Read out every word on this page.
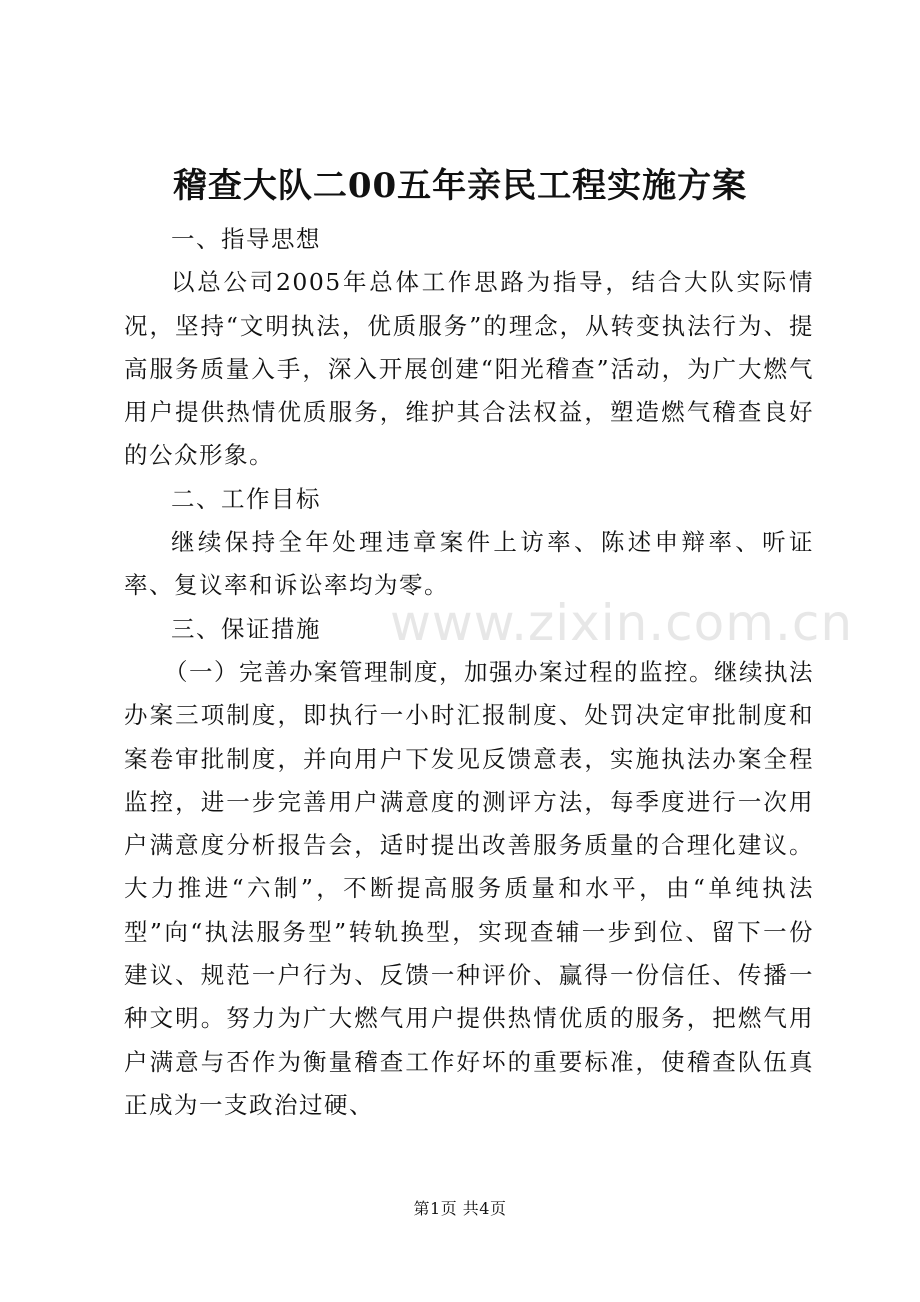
稽查大队二00五年亲民工程实施方案

一、指导思想

以总公司2005年总体工作思路为指导，结合大队实际情况，坚持“文明执法，优质服务”的理念，从转变执法行为、提高服务质量入手，深入开展创建“阳光稽查”活动，为广大燃气用户提供热情优质服务，维护其合法权益，塑造燃气稽查良好的公众形象。

二、工作目标

继续保持全年处理违章案件上访率、陈述申辩率、听证率、复议率和诉讼率均为零。

三、保证措施

（一）完善办案管理制度，加强办案过程的监控。继续执法办案三项制度，即执行一小时汇报制度、处罚决定审批制度和案卷审批制度，并向用户下发见反馈意表，实施执法办案全程监控，进一步完善用户满意度的测评方法，每季度进行一次用户满意度分析报告会，适时提出改善服务质量的合理化建议。大力推进“六制”，不断提高服务质量和水平，由“单纯执法型”向“执法服务型”转轨换型，实现查辅一步到位、留下一份建议、规范一户行为、反馈一种评价、赢得一份信任、传播一种文明。努力为广大燃气用户提供热情优质的服务，把燃气用户满意与否作为衡量稽查工作好坏的重要标准，使稽查队伍真正成为一支政治过硬、

www.zixin.com.cn
第1页 共4页
